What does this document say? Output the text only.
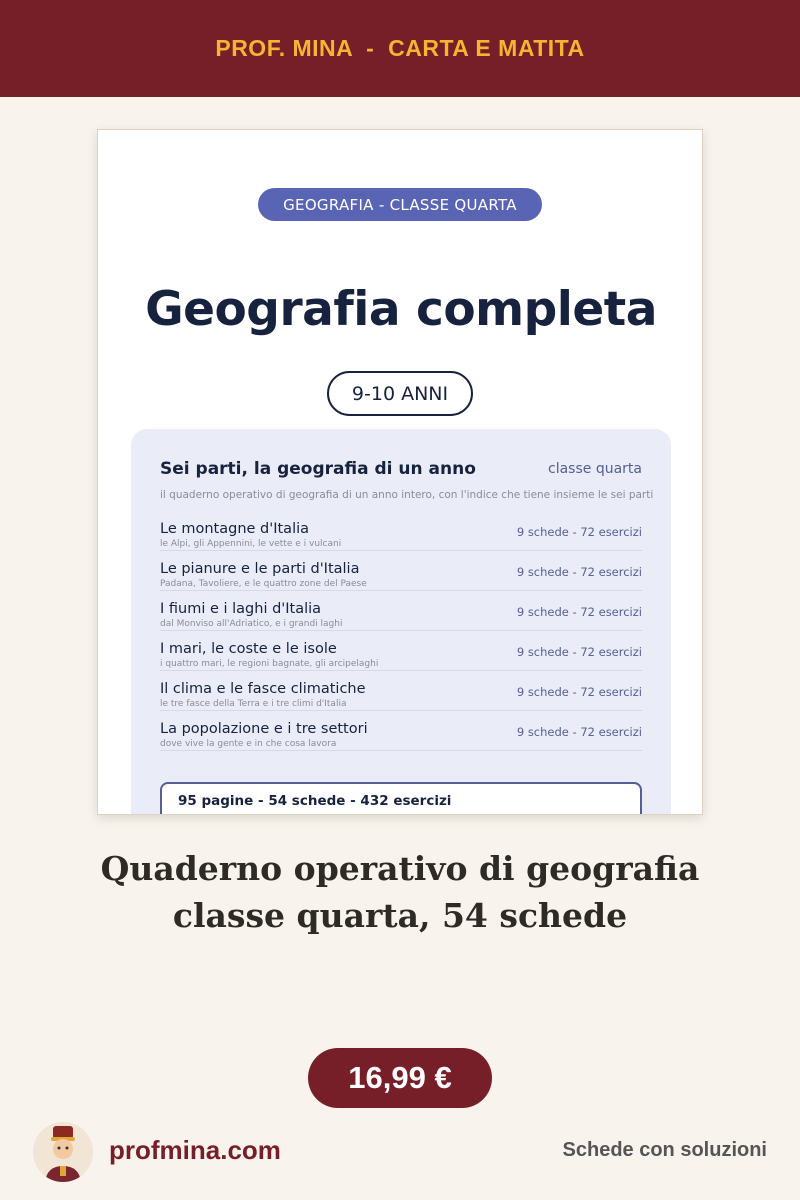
PROF. MINA  -  CARTA E MATITA
GEOGRAFIA - CLASSE QUARTA
Geografia completa
9-10 ANNI
Sei parti, la geografia di un anno	classe quarta
il quaderno operativo di geografia di un anno intero, con l'indice che tiene insieme le sei parti
Le montagne d'Italia
le Alpi, gli Appennini, le vette e i vulcani
9 schede - 72 esercizi
Le pianure e le parti d'Italia
Padana, Tavoliere, e le quattro zone del Paese
9 schede - 72 esercizi
I fiumi e i laghi d'Italia
dal Monviso all'Adriatico, e i grandi laghi
9 schede - 72 esercizi
I mari, le coste e le isole
i quattro mari, le regioni bagnate, gli arcipelaghi
9 schede - 72 esercizi
Il clima e le fasce climatiche
le tre fasce della Terra e i tre climi d'Italia
9 schede - 72 esercizi
La popolazione e i tre settori
dove vive la gente e in che cosa lavora
9 schede - 72 esercizi
95 pagine - 54 schede - 432 esercizi
Quaderno operativo di geografia
classe quarta, 54 schede
16,99 €
profmina.com	Schede con soluzioni
